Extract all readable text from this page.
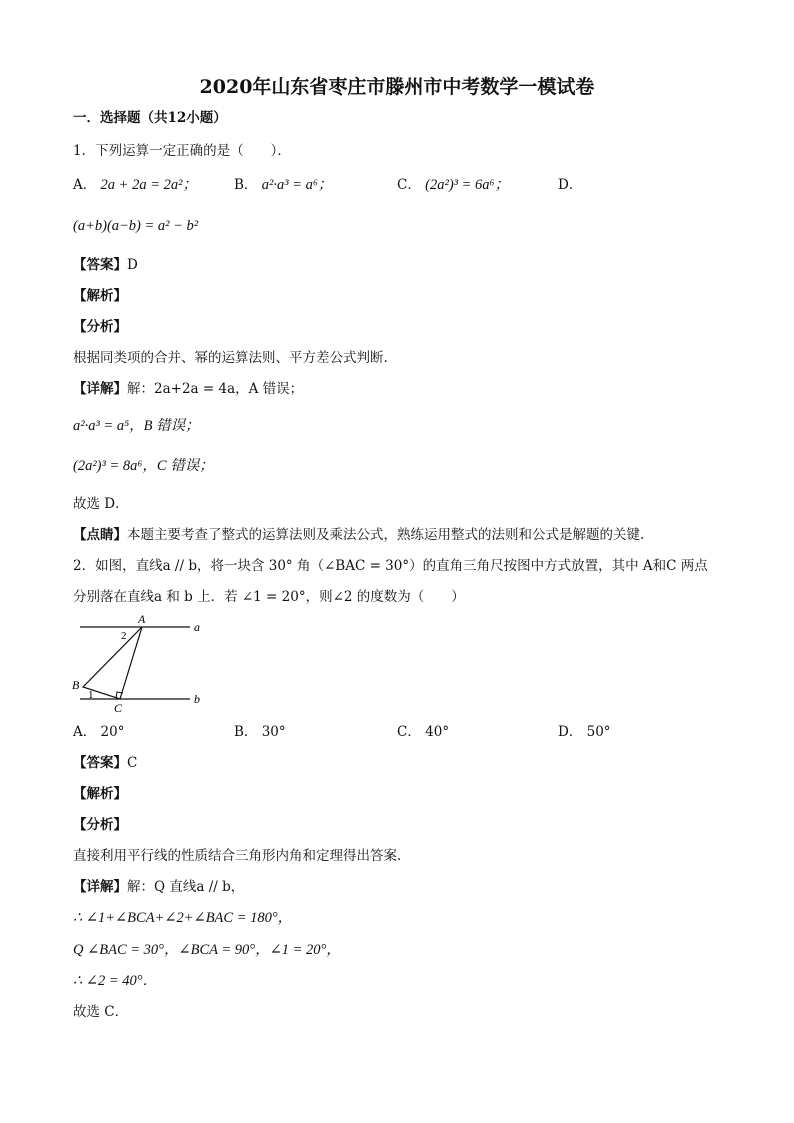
2020年山东省枣庄市滕州市中考数学一模试卷
一．选择题（共12小题）
1．下列运算一定正确的是（　　）．
A． 2a + 2a = 2a²；	B． a²·a³ = a⁶；	C． (2a²)³ = 6a⁶；	D．
(a+b)(a−b) = a² − b²
【答案】D
【解析】
【分析】
根据同类项的合并、幂的运算法则、平方差公式判断.
【详解】解：2a+2a = 4a，A 错误；
a²·a³ = a⁵，B 错误；
(2a²)³ = 8a⁶，C 错误；
故选 D．
【点睛】本题主要考查了整式的运算法则及乘法公式，熟练运用整式的法则和公式是解题的关键.
2．如图，直线a // b，将一块含 30° 角（∠BAC = 30°）的直角三角尺按图中方式放置，其中 A和C 两点
分别落在直线a 和 b 上．若 ∠1 = 20°，则∠2 的度数为（　　）
A
B
C
a
b
1
2
A． 20°	B． 30°	C． 40°	D． 50°
【答案】C
【解析】
【分析】
直接利用平行线的性质结合三角形内角和定理得出答案．
【详解】解：Q 直线a // b，
∴ ∠1+∠BCA+∠2+∠BAC = 180°，
Q ∠BAC = 30°，∠BCA = 90°，∠1 = 20°，
∴ ∠2 = 40°．
故选 C．
